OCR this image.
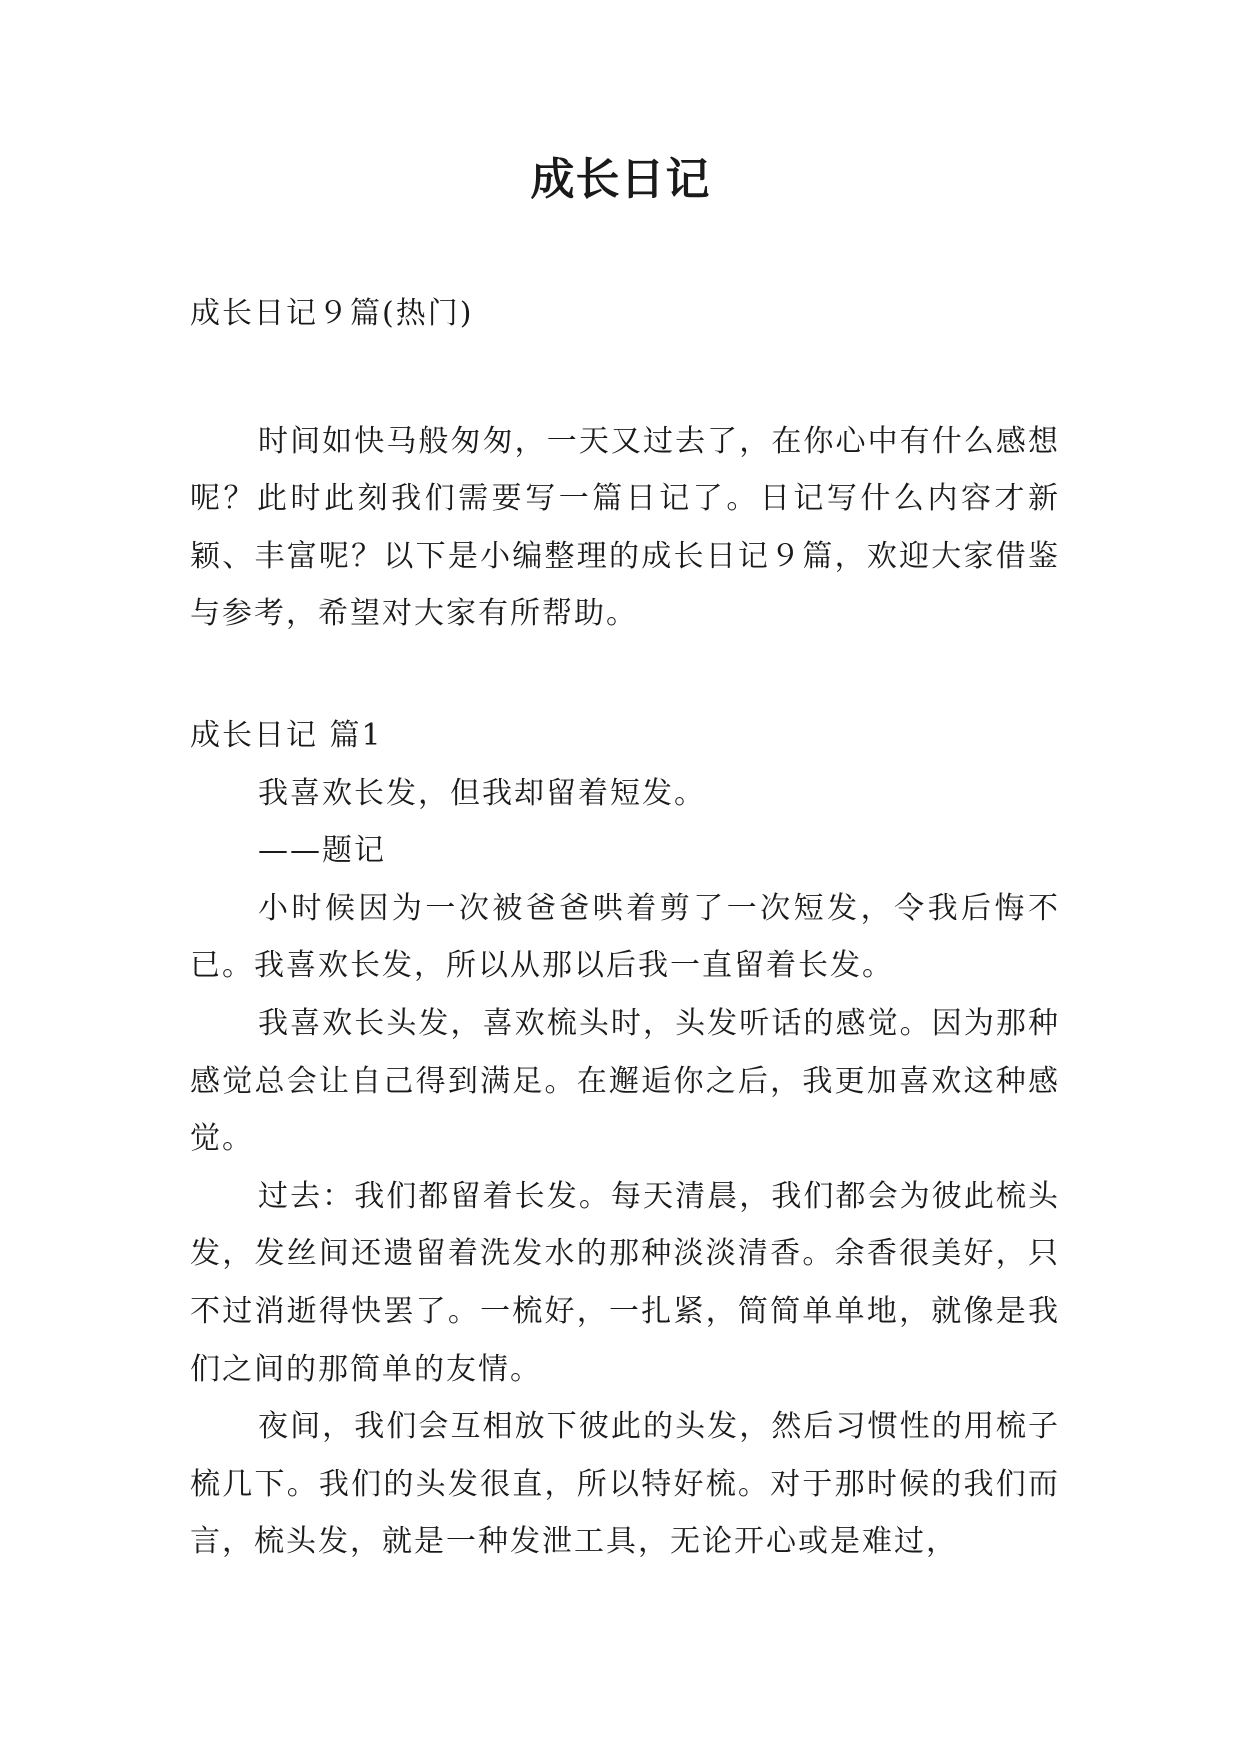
成长日记

成长日记９篇(热门)

时间如快马般匆匆，一天又过去了，在你心中有什么感想呢？此时此刻我们需要写一篇日记了。日记写什么内容才新颖、丰富呢？以下是小编整理的成长日记９篇，欢迎大家借鉴与参考，希望对大家有所帮助。

成长日记 篇1

我喜欢长发，但我却留着短发。

——题记

小时候因为一次被爸爸哄着剪了一次短发，令我后悔不已。我喜欢长发，所以从那以后我一直留着长发。

我喜欢长头发，喜欢梳头时，头发听话的感觉。因为那种感觉总会让自己得到满足。在邂逅你之后，我更加喜欢这种感觉。

过去：我们都留着长发。每天清晨，我们都会为彼此梳头发，发丝间还遗留着洗发水的那种淡淡清香。余香很美好，只不过消逝得快罢了。一梳好，一扎紧，简简单单地，就像是我们之间的那简单的友情。

夜间，我们会互相放下彼此的头发，然后习惯性的用梳子梳几下。我们的头发很直，所以特好梳。对于那时候的我们而言，梳头发，就是一种发泄工具，无论开心或是难过，
